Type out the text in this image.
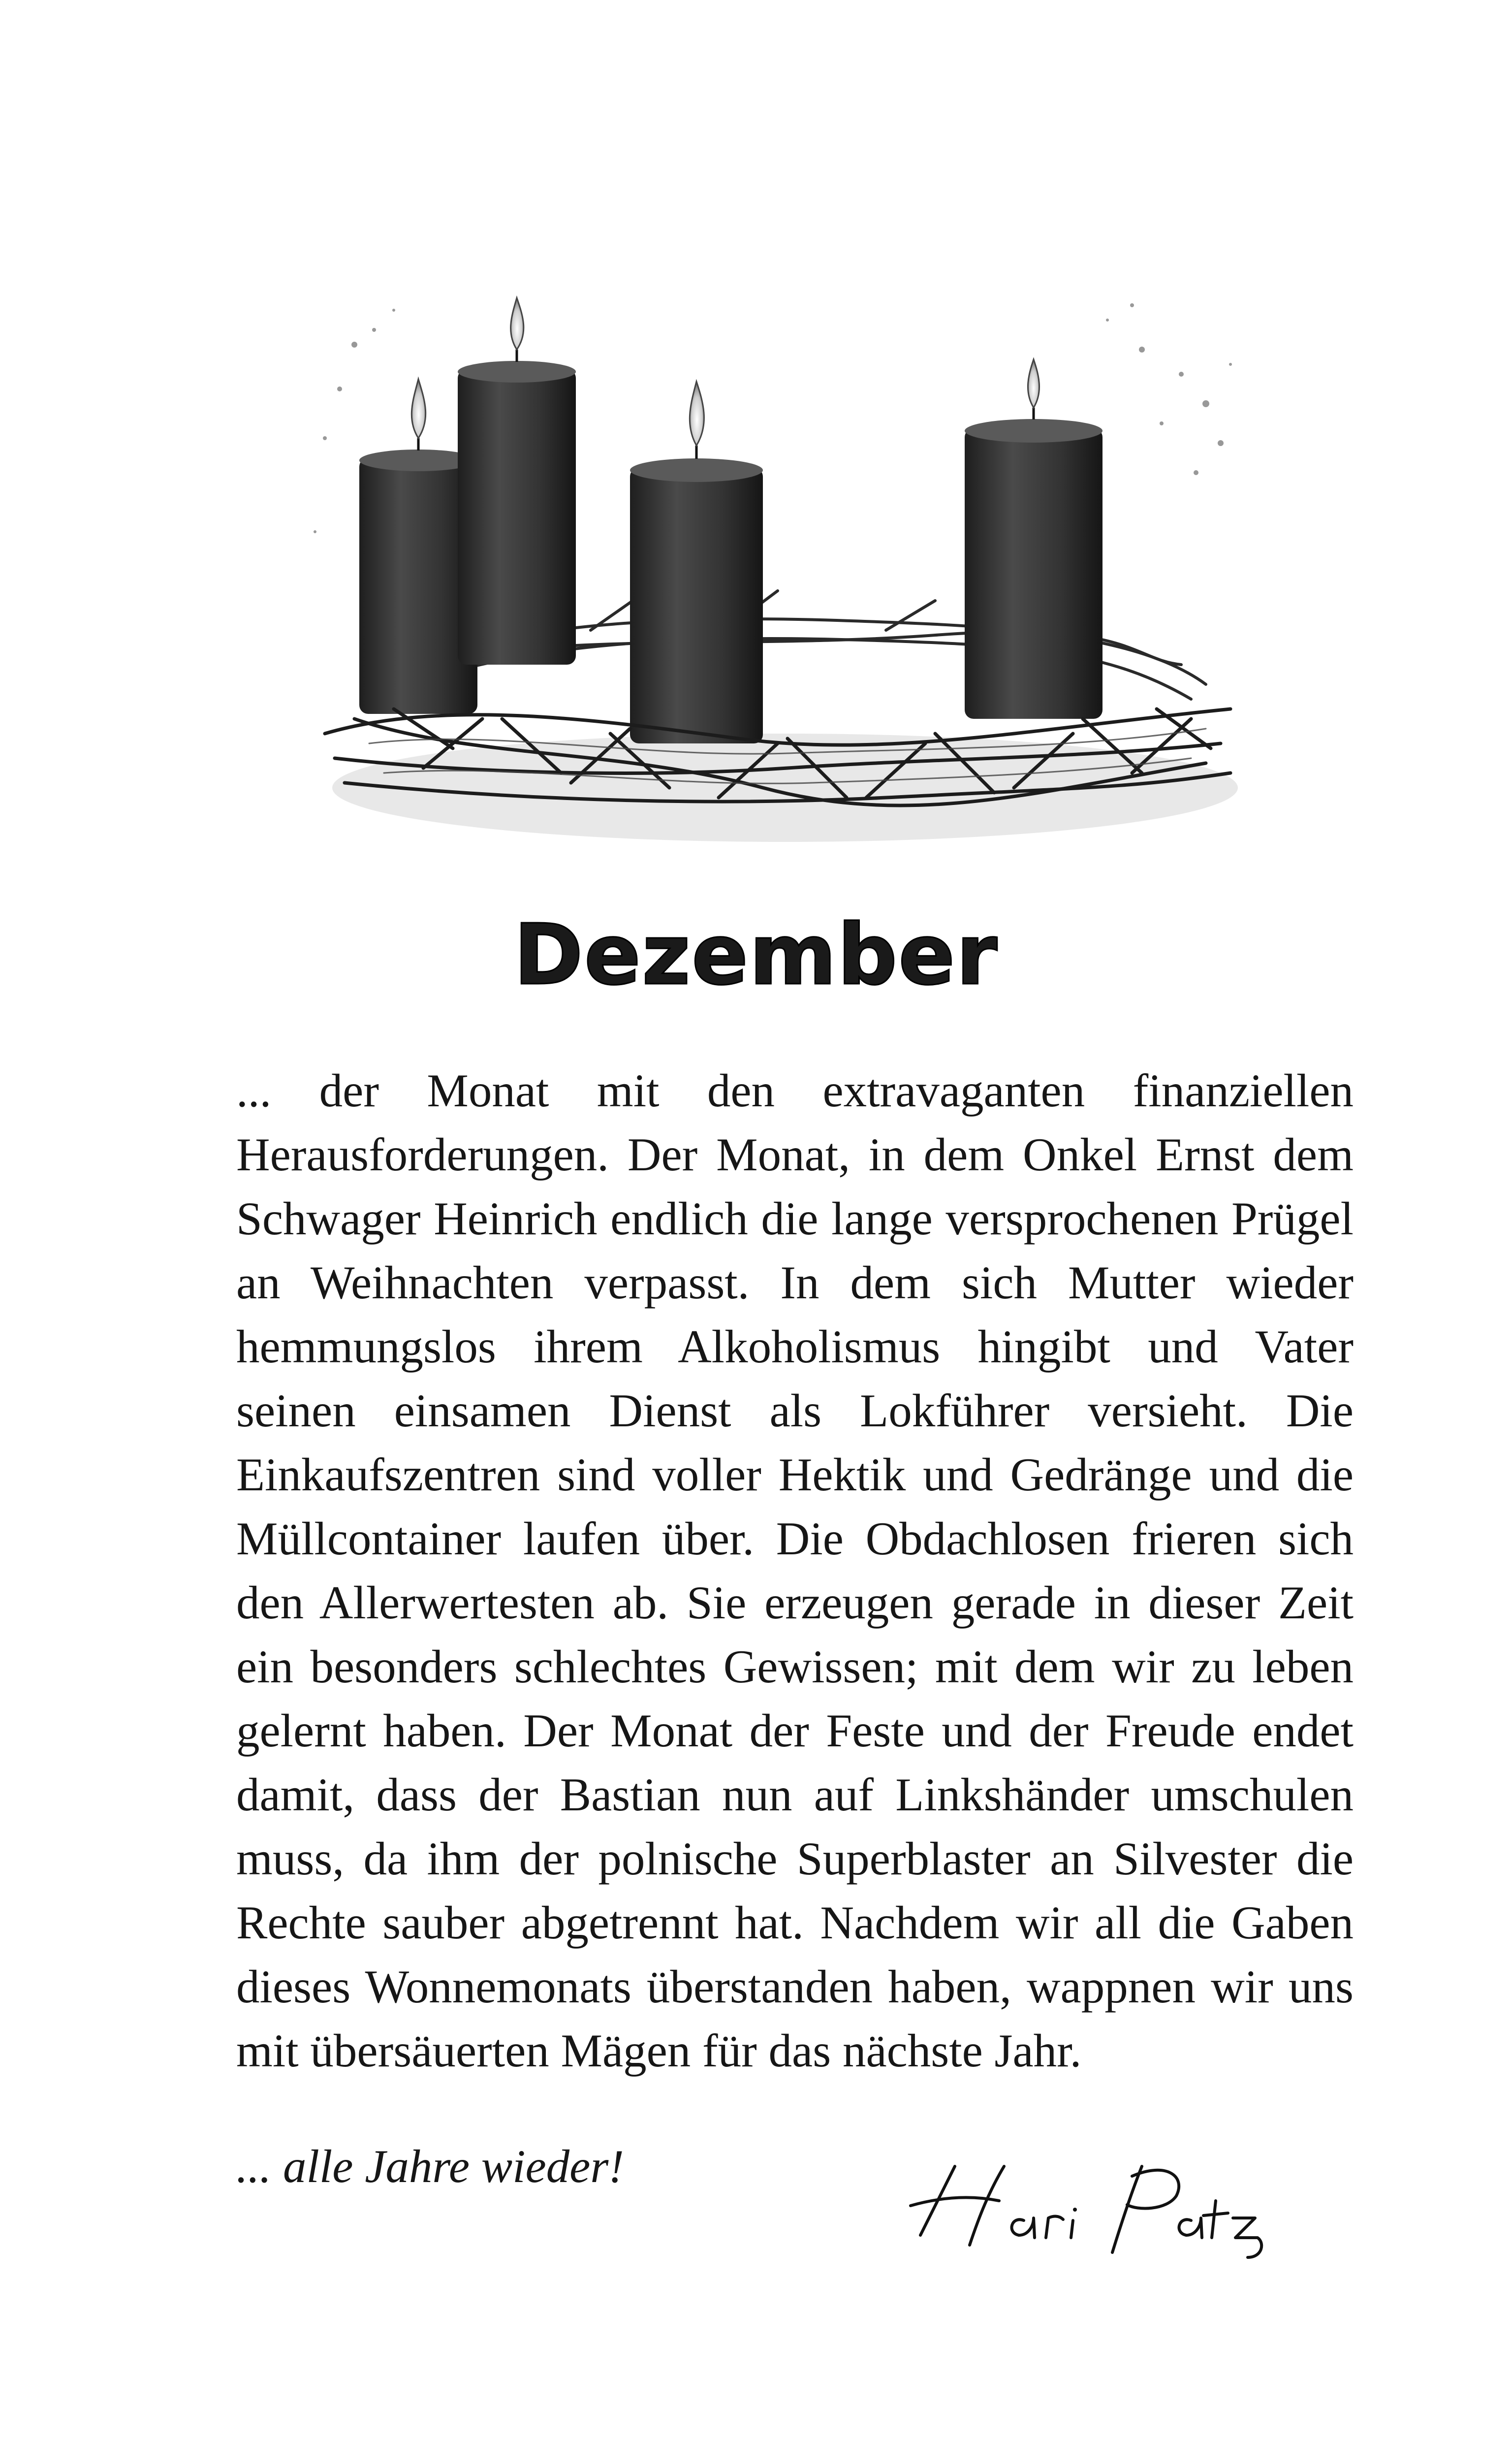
Dezember
... der Monat mit den extravaganten finanziellen Herausforderungen. Der Monat, in dem Onkel Ernst dem Schwager Heinrich endlich die lange versprochenen Prügel an Weihnachten verpasst. In dem sich Mutter wieder hemmungslos ihrem Alkoholismus hingibt und Vater seinen einsamen Dienst als Lokführer versieht. Die Einkaufszentren sind voller Hektik und Gedränge und die Müllcontainer laufen über. Die Obdachlosen frieren sich den Allerwertesten ab. Sie erzeugen gerade in dieser Zeit ein besonders schlechtes Gewissen; mit dem wir zu leben gelernt haben. Der Monat der Feste und der Freude endet damit, dass der Bastian nun auf Linkshänder umschulen muss, da ihm der polnische Superblaster an Silvester die Rechte sauber abgetrennt hat. Nachdem wir all die Gaben dieses Wonnemonats überstanden haben, wappnen wir uns mit übersäuerten Mägen für das nächste Jahr.
... alle Jahre wieder!
